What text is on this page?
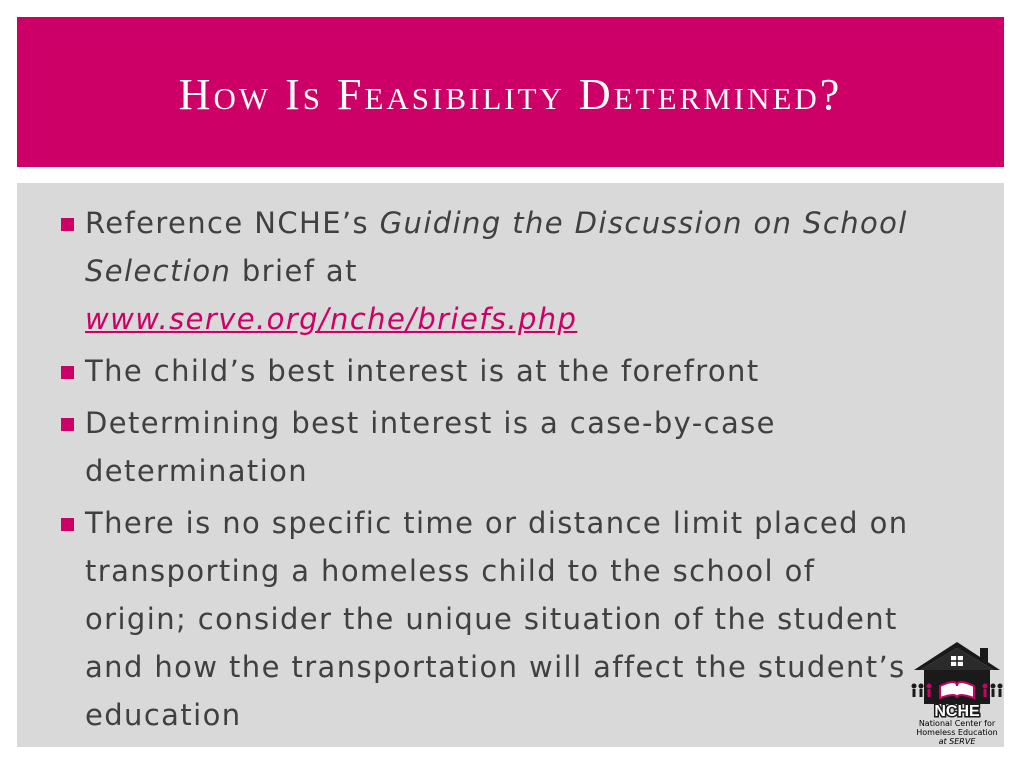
How Is Feasibility Determined?
Reference NCHE’s Guiding the Discussion on School Selection brief at
www.serve.org/nche/briefs.php
The child’s best interest is at the forefront
Determining best interest is a case-by-case determination
There is no specific time or distance limit placed on transporting a homeless child to the school of origin; consider the unique situation of the student and how the transportation will affect the student’s education	NCHE
National Center for
Homeless Education
at SERVE
